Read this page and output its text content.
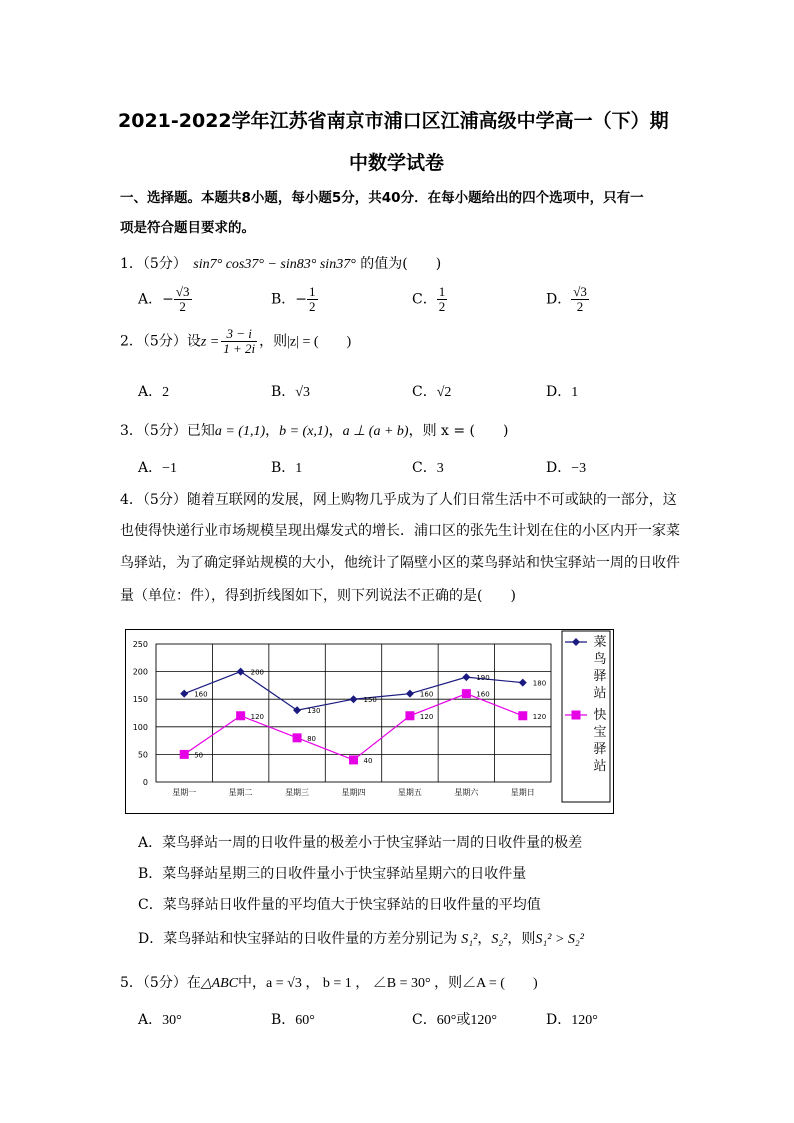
2021-2022学年江苏省南京市浦口区江浦高级中学高一（下）期
中数学试卷
一、选择题。本题共8小题，每小题5分，共40分．在每小题给出的四个选项中，只有一
项是符合题目要求的。
1．（5分） sin7° cos37° − sin83° sin37° 的值为(　　)
A．− $\frac{√3}{2}$	B．− $\frac{1}{2}$	C． $\frac{1}{2}$	D． $\frac{√3}{2}$
2．（5分）设$z = \frac{3 - i}{1 + 2i}$ ，则|z| = (　　)
A．2	B．√3	C．√2	D．1
3．（5分）已知a = (1,1)，b = (x,1)，a ⊥ (a + b)，则 x = (　　)
A．−1	B．1	C．3	D．−3
4．（5分）随着互联网的发展，网上购物几乎成为了人们日常生活中不可或缺的一部分，这
也使得快递行业市场规模呈现出爆发式的增长．浦口区的张先生计划在住的小区内开一家菜
鸟驿站，为了确定驿站规模的大小，他统计了隔壁小区的菜鸟驿站和快宝驿站一周的日收件
量（单位：件），得到折线图如下，则下列说法不正确的是(　　)
0
50
100
150
200
250
星期一	星期二	星期三	星期四	星期五	星期六	星期日
160
200
130
150
160
190
180
50
120
80
40
120
160
120
菜
鸟
驿
站
快
宝
驿
站
A．菜鸟驿站一周的日收件量的极差小于快宝驿站一周的日收件量的极差
B．菜鸟驿站星期三的日收件量小于快宝驿站星期六的日收件量
C．菜鸟驿站日收件量的平均值大于快宝驿站的日收件量的平均值
D．菜鸟驿站和快宝驿站的日收件量的方差分别记为 S₁²，S₂²，则S₁² > S₂²
5．（5分）在△ABC中，a = √3 ， b = 1 ， ∠B = 30° ，则∠A = (　　)
A．30°	B．60°	C．60°或120°	D．120°
